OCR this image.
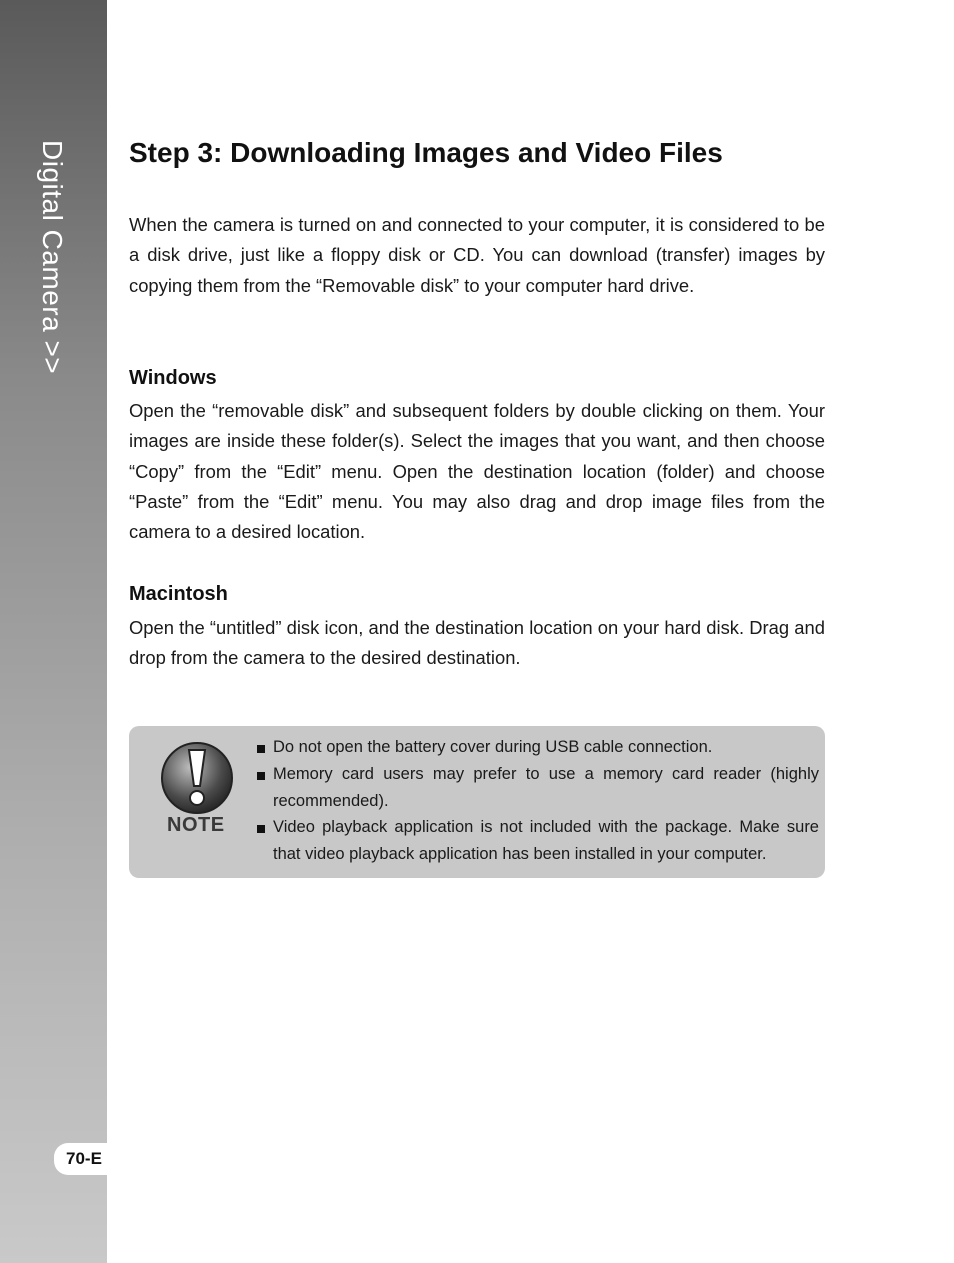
Digital Camera >>
70-E
Step 3: Downloading Images and Video Files

When the camera is turned on and connected to your computer, it is considered to be a disk drive, just like a floppy disk or CD. You can download (transfer) images by copying them from the “Removable disk” to your computer hard drive.

Windows

Open the “removable disk” and subsequent folders by double clicking on them. Your images are inside these folder(s). Select the images that you want, and then choose “Copy” from the “Edit” menu. Open the destination location (folder) and choose “Paste” from the “Edit” menu. You may also drag and drop image files from the camera to a desired location.

Macintosh

Open the “untitled” disk icon, and the destination location on your hard disk. Drag and drop from the camera to the desired destination.

NOTE
Do not open the battery cover during USB cable connection.
Memory card users may prefer to use a memory card reader (highly recommended).
Video playback application is not included with the package. Make sure that video playback application has been installed in your computer.
